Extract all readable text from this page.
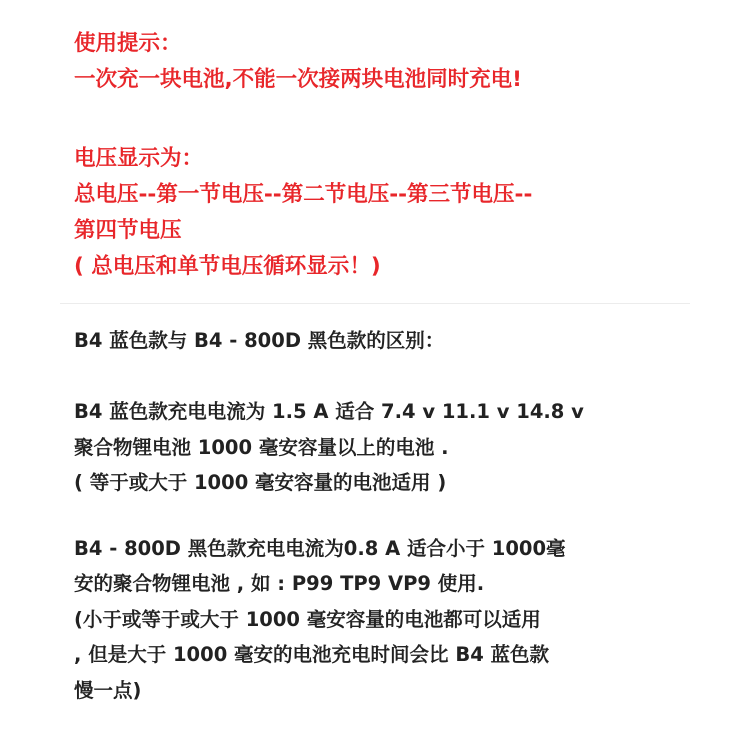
使用提示：
一次充一块电池,不能一次接两块电池同时充电!
电压显示为：
总电压--第一节电压--第二节电压--第三节电压--
第四节电压
( 总电压和单节电压循环显示！)
B4 蓝色款与 B4 - 800D 黑色款的区别：
B4 蓝色款充电电流为 1.5 A 适合 7.4 v 11.1 v 14.8 v
聚合物锂电池 1000 毫安容量以上的电池 .
( 等于或大于 1000 毫安容量的电池适用 )
B4 - 800D 黑色款充电电流为0.8 A 适合小于 1000毫
安的聚合物锂电池 , 如 : P99 TP9 VP9 使用.
(小于或等于或大于 1000 毫安容量的电池都可以适用
, 但是大于 1000 毫安的电池充电时间会比 B4 蓝色款
慢一点)
